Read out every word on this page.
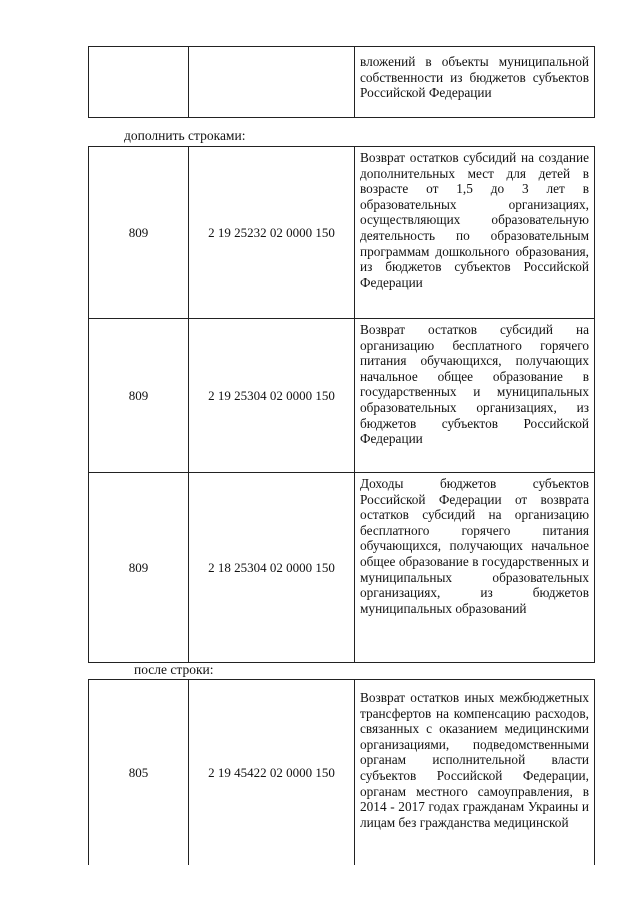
		вложений в объекты муниципальной собственности из бюджетов субъектов Российской Федерации
дополнить строками:
809	2 19 25232 02 0000 150	Возврат остатков субсидий на создание дополнительных мест для детей в возрасте от 1,5 до 3 лет в образовательных организациях, осуществляющих образовательную деятельность по образовательным программам дошкольного образования, из бюджетов субъектов Российской Федерации
809	2 19 25304 02 0000 150	Возврат остатков субсидий на организацию бесплатного горячего питания обучающихся, получающих начальное общее образование в государственных и муниципальных образовательных организациях, из бюджетов субъектов Российской Федерации
809	2 18 25304 02 0000 150	Доходы бюджетов субъектов Российской Федерации от возврата остатков субсидий на организацию бесплатного горячего питания обучающихся, получающих начальное общее образование в государственных и муниципальных образовательных организациях, из бюджетов муниципальных образований
после строки:
805	2 19 45422 02 0000 150	Возврат остатков иных межбюджетных трансфертов на компенсацию расходов, связанных с оказанием медицинскими организациями, подведомственными органам исполнительной власти субъектов Российской Федерации, органам местного самоуправления, в 2014 - 2017 годах гражданам Украины и лицам без гражданства медицинской
